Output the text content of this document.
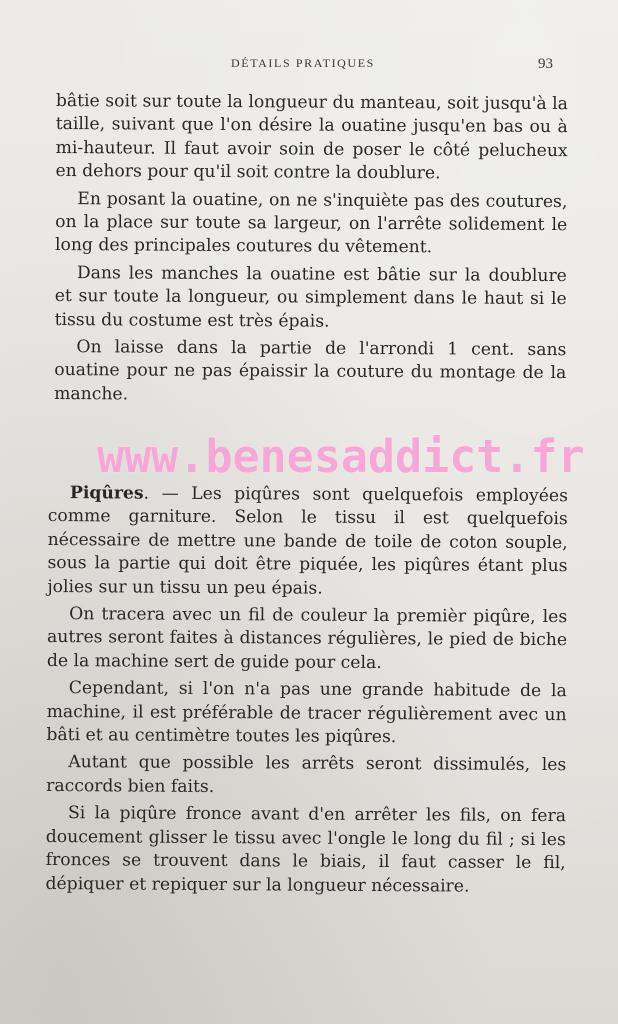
DÉTAILS PRATIQUES	93

bâtie soit sur toute la longueur du manteau, soit jusqu'à la taille, suivant que l'on désire la ouatine jusqu'en bas ou à mi-hauteur. Il faut avoir soin de poser le côté pelucheux en dehors pour qu'il soit contre la doublure.

En posant la ouatine, on ne s'inquiète pas des coutures, on la place sur toute sa largeur, on l'arrête solidement le long des principales coutures du vêtement.

Dans les manches la ouatine est bâtie sur la doublure et sur toute la longueur, ou simplement dans le haut si le tissu du costume est très épais.

On laisse dans la partie de l'arrondi 1 cent. sans ouatine pour ne pas épaissir la couture du montage de la manche.

www.benesaddict.fr

Piqûres. — Les piqûres sont quelquefois employées comme garniture. Selon le tissu il est quelquefois nécessaire de mettre une bande de toile de coton souple, sous la partie qui doit être piquée, les piqûres étant plus jolies sur un tissu un peu épais.

On tracera avec un fil de couleur la premièr piqûre, les autres seront faites à distances régulières, le pied de biche de la machine sert de guide pour cela.

Cependant, si l'on n'a pas une grande habitude de la machine, il est préférable de tracer régulièrement avec un bâti et au centimètre toutes les piqûres.

Autant que possible les arrêts seront dissimulés, les raccords bien faits.

Si la piqûre fronce avant d'en arrêter les fils, on fera doucement glisser le tissu avec l'ongle le long du fil ; si les fronces se trouvent dans le biais, il faut casser le fil, dépiquer et repiquer sur la longueur nécessaire.
